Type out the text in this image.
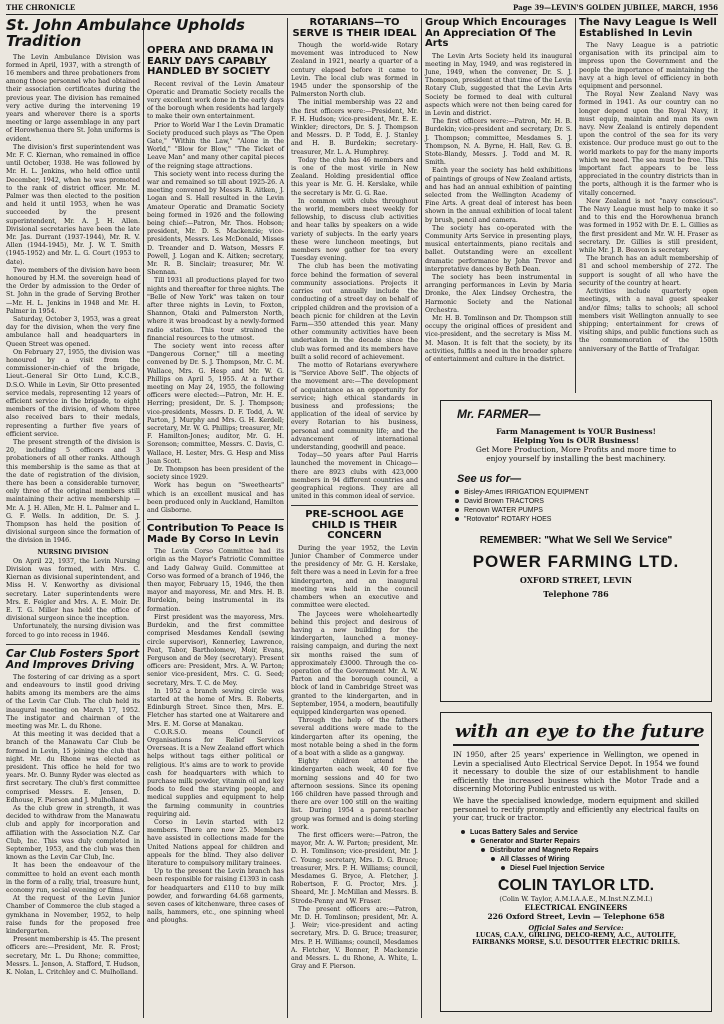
THE CHRONICLE	Page 39—LEVIN'S GOLDEN JUBILEE, MARCH, 1956
St. John Ambulance Upholds Tradition

The Levin Ambulance Division was formed in April, 1937, with a strength of 16 members and three probationers from among those personnel who had obtained their association certificates during the previous year. The division has remained very active during the intervening 19 years and wherever there is a sports meeting or large assemblage in any part of Horowhenua there St. John uniforms is evident.

The division's first superintendent was Mr. F. C. Kiernan, who remained in office until October, 1938. He was followed by Mr. H. L. Jenkins, who held office until December, 1942, when he was promoted to the rank of district officer. Mr. M. Palmer was then elected to the position and held it until 1953, when he was succeeded by the present superintendent, Mr. A. J. H. Allen. Divisional secretaries have been the late Mr. Jas. Durrant (1937-1944), Mr. R. V. Allen (1944-1945), Mr. J. W. T. Smith (1945-1952) and Mr. L. G. Court (1953 to date).

Two members of the division have been honoured by H.M. the sovereign head of the Order by admission to the Order of St. John in the grade of Serving Brother—Mr. H. L. Jenkins in 1948 and Mr. H. Palmer in 1954.

Saturday, October 3, 1953, was a great day for the division, when the very fine ambulance hall and headquarters in Queen Street was opened.

On February 27, 1955, the division was honoured by a visit from the commissioner-in-chief of the brigade, Lieut.-General Sir Otto Lund, K.C.B., D.S.O. While in Levin, Sir Otto presented service medals, representing 12 years of efficient service in the brigade, to eight members of the division, of whom three also received bars to their medals, representing a further five years of efficient service.

The present strength of the division is 20, including 5 officers and 3 probationers of all other ranks. Although this membership is the same as that at the date of registration of the division, there has been a considerable turnover, only three of the original members still maintaining their active membership — Mr. A. J. H. Allen, Mr. H. L. Palmer and L. G. F. Wells. In addition, Dr. S. J. Thompson has held the position of divisional surgeon since the formation of the division in 1946.

NURSING DIVISION

On April 22, 1937, the Levin Nursing Division was formed, with Mrs. C. Kiernan as divisional superintendent, and Miss H. V. Kenworthy as divisional secretary. Later superintendents were Mrs. E. Feigler and Mrs. A. E. Moir. Dr. E. T. G. Miller has held the office of divisional surgeon since the inception.

Unfortunately, the nursing division was forced to go into recess in 1946.

Car Club Fosters Sport And Improves Driving

The fostering of car driving as a sport and endeavours to instil good driving habits among its members are the aims of the Levin Car Club. The club held its inaugural meeting on March 17, 1952. The instigator and chairman of the meeting was Mr. L. du Rhone.

At this meeting it was decided that a branch of the Manawatu Car Club be formed in Levin, 15 joining the club that night. Mr. du Rhone was elected as president. This office he held for two years. Mr. O. Bunny Ryder was elected as first secretary. The club's first committee comprised Messrs. E. Jensen, D. Edhouse, F. Pierson and J. Mulholland.

As the club grew in strength, it was decided to withdraw from the Manawatu club and apply for incorporation and affiliation with the Association N.Z. Car Club, Inc. This was duly completed in September, 1953, and the club was then known as the Levin Car Club, Inc.

It has been the endeavour of the committee to hold an event each month in the form of a rally, trial, treasure hunt, economy run, social evening or films.

At the request of the Levin Junior Chamber of Commerce the club staged a gymkhana in November, 1952, to help raise funds for the proposed free kindergarten.

Present membership is 45. The present officers are:—President, Mr. R. Frost; secretary, Mr. L. Du Rhone; committee, Messrs. L. Jenson, A. Stafford, T. Hudson, K. Nolan, L. Critchley and C. Mulholland.

OPERA AND DRAMA IN EARLY DAYS CAPABLY HANDLED BY SOCIETY

Recent revival of the Levin Amateur Operatic and Dramatic Society recalls the very excellent work done in the early days of the borough when residents had largely to make their own entertainment.

Prior to World War I the Levin Dramatic Society produced such plays as "The Open Gate," "Within the Law," "Alone in the World," "Blow for Blow," "The Ticket of Leave Man" and many other capital pieces of the reigning stage attractions.

This society went into recess during the war and remained so till about 1925-26. A meeting convened by Messrs R. Aitken, J. Logan and S. Hall resulted in the Levin Amateur Operatic and Dramatic Society being formed in 1926 and the following being chief:—Patron, Mr. Thos. Hobson; president, Mr. D. S. Mackenzie; vice-presidents, Messrs. Les McDonald, Misses D. Treander and D. Watson, Messrs F. Powell, J. Logan and K. Aitken; secretary, Mr. R. B. Sinclair; treasurer, Mr. W. Shennan.

Till 1931 all productions played for two nights and thereafter for three nights. The "Belle of New York" was taken on tour after three nights in Levin, to Foxton, Shannon, Otaki and Palmerston North, where it was broadcast by a newly-formed radio station. This tour strained the financial resources to the utmost.

The society went into recess after "Dangerous Corner," till a meeting convened by Dr. S. J. Thompson, Mr. C. M. Wallace, Mrs. G. Hesp and Mr. W. G. Phillips on April 5, 1955. At a further meeting on May 24, 1955, the following officers were elected:—Patron, Mr. H. E. Herring; president, Dr. S. J. Thompson; vice-presidents, Messrs. D. F. Todd, A. W. Parton, J. Murphy and Mrs. G. H. Kerdell; secretary, Mr. W. G. Phillips; treasurer, Mr. F. Hamilton-Jones; auditor, Mr. G. H. Sorenson; committee, Messrs. C. Davis, C. Wallace, H. Lester, Mrs. G. Hesp and Miss Jean Scott.

Dr. Thompson has been president of the society since 1929.

Work has begun on "Sweethearts" which is an excellent musical and has been produced only in Auckland, Hamilton and Gisborne.

Contribution To Peace Is Made By Corso In Levin

The Levin Corso Committee had its origin as the Mayor's Patriotic Committee and Lady Galway Guild. Committee at Corso was formed of a branch of 1946, the then mayor, February 15, 1946, the then mayor and mayoress, Mr. and Mrs. H. B. Burdekin, being instrumental in its formation.

First president was the mayoress, Mrs. Burdekin, and the first committee comprised Mesdames Kendall (sewing circle supervisor), Kennerley, Lawrence, Peat, Tabor, Bartholomew, Moir, Evans, Ferguson and de Mey (secretary). Present officers are: President, Mrs. A. W. Parton; senior vice-president, Mrs. C. G. Seed; secretary, Mrs. T. C. de Mey.

In 1952 a branch sewing circle was started at the home of Mrs. B. Roberts, Edinburgh Street. Since then, Mrs. E. Fletcher has started one at Waitarere and Mrs. E. M. Gorse at Manakau.

C.O.R.S.O. means Council of Organisations for Relief Services Overseas. It is a New Zealand effort which helps without tags either political or religious. It's aims are to work to provide cash for headquarters with which to purchase milk powder, vitamin oil and key foods to feed the starving people, and medical supplies and equipment to help the farming community in countries requiring aid.

Corso in Levin started with 12 members. There are now 25. Members have assisted in collections made for the United Nations appeal for children and appeals for the blind. They also deliver literature to compulsory military trainees.

Up to the present the Levin branch has been responsible for raising £1393 in cash for headquarters and £110 to buy milk powder, and forwarding 64.68 garments, seven cases of kitchenware, three cases of nails, hammers, etc., one spinning wheel and ploughs.

ROTARIANS—TO SERVE IS THEIR IDEAL

Though the world-wide Rotary movement was introduced to New Zealand in 1921, nearly a quarter of a century elapsed before it came to Levin. The local club was formed in 1945 under the sponsorship of the Palmerston North club.

The initial membership was 22 and the first officers were:—President, Mr. F. H. Hudson; vice-president, Mr. E. E. Winkler; directors, Dr. S. J. Thompson and Messrs. D. P. Todd, E. J. Stanley and H. B. Burdekin; secretary-treasurer, Mr. L. A. Humphrey.

Today the club has 46 members and is one of the most virile in New Zealand. Holding presidential office this year is Mr. G. H. Kerslake, while the secretary is Mr. G. G. Rae.

In common with clubs throughout the world, members meet weekly for fellowship, to discuss club activities and hear talks by speakers on a wide variety of subjects. In the early years these were luncheon meetings, but members now gather for tea every Tuesday evening.

The club has been the motivating force behind the formation of several community associations. Projects it carries out annually include the conducting of a street day on behalf of crippled children and the provision of a beach picnic for children at the Levin Farm—350 attended this year. Many other community activities have been undertaken in the decade since the club was formed and its members have built a solid record of achievement.

The motto of Rotarians everywhere is "Service Above Self". The objects of the movement are:—The development of acquaintance as an opportunity for service; high ethical standards in business and professions; the application of the ideal of service by every Rotarian to his business, personal and community life; and the advancement of international understanding, goodwill and peace.

Today—50 years after Paul Harris launched the movement in Chicago—there are 8923 clubs with 423,000 members in 94 different countries and geographical regions. They are all united in this common ideal of service.

PRE-SCHOOL AGE CHILD IS THEIR CONCERN

During the year 1952, the Levin Junior Chamber of Commerce under the presidency of Mr. G. H. Kerslake, felt there was a need in Levin for a free kindergarten, and an inaugural meeting was held in the council chambers when an executive and committee were elected.

The Jaycees were wholeheartedly behind this project and desirous of having a new building for the kindergarten, launched a money-raising campaign, and during the next six months raised the sum of approximately £3000. Through the co-operation of the Government Mr. A. W. Parton and the borough council, a block of land in Cambridge Street was granted to the kindergarten, and in September, 1954, a modern, beautifully equipped kindergarten was opened.

Through the help of the fathers several additions were made to the kindergarten after its opening, the most notable being a shed in the form of a boat with a slide as a gangway.

Eighty children attend the kindergarten each week, 40 for five morning sessions and 40 for two afternoon sessions. Since its opening 166 children have passed through and there are over 100 still on the waiting list. During 1954 a parent-teacher group was formed and is doing sterling work.

The first officers were:—Patron, the mayor, Mr. A. W. Parton; president, Mr. D. H. Tomlinson; vice-president, Mr. J. C. Young; secretary, Mrs. D. G. Bruce; treasurer, Mrs. P. H. Williams; council, Mesdames G. Bryce, A. Fletcher, J. Robertson, F. G. Proctor, Mrs. J. Sheard, Mr. J. McMillan and Messrs. B. Strode-Penny and W. Fraser.

The present officers are:—Patron, Mr. D. H. Tomlinson; president, Mr. A. J. Weir; vice-president and acting secretary, Mrs. D. G. Bruce; treasurer, Mrs. P. H. Williams; council, Mesdames A. Fletcher, V. Bonner, P. Mackenzie and Messrs. L. du Rhone, A. White, L. Gray and F. Pierson.

Group Which Encourages An Appreciation Of The Arts

The Levin Arts Society held its inaugural meeting in May, 1949, and was registered in June, 1949, when the convener, Dr. S. J. Thompson, president at that time of the Levin Rotary Club, suggested that the Levin Arts Society be formed to deal with cultural aspects which were not then being cared for in Levin and district.

The first officers were:—Patron, Mr. H. B. Burdekin; vice-president and secretary, Dr. S. J. Thompson; committee, Mesdames S. J. Thompson, N. A. Byrne, H. Hall, Rev. G. B. Stote-Blandy, Messrs. J. Todd and M. R. Smith.

Each year the society has held exhibitions of paintings of groups of New Zealand artists, and has had an annual exhibition of painting selected from the Wellington Academy of Fine Arts. A great deal of interest has been shown in the annual exhibition of local talent by brush, pencil and camera.

The society has co-operated with the Community Arts Service in presenting plays, musical entertainments, piano recitals and ballet. Outstanding were an excellent dramatic performance by John Trevor and interpretative dances by Beth Dean.

The society has been instrumental in arranging performances in Levin by Maria Dronke, the Alex Lindsey Orchestra, the Harmonic Society and the National Orchestra.

Mr. H. B. Tomlinson and Dr. Thompson still occupy the original offices of president and vice-president, and the secretary is Miss M. M. Mason. It is felt that the society, by its activities, fulfils a need in the broader sphere of entertainment and culture in the district.

The Navy League Is Well Established In Levin

The Navy League is a patriotic organisation with its principal aim to impress upon the Government and the people the importance of maintaining the navy at a high level of efficiency in both equipment and personnel.

The Royal New Zealand Navy was formed in 1941. As our country can no longer depend upon the Royal Navy, it must equip, maintain and man its own navy. New Zealand is entirely dependent upon the control of the sea for its very existence. Our produce must go out to the world markets to pay for the many imports which we need. The sea must be free. This important fact appears to be less appreciated in the country districts than in the ports, although it is the farmer who is vitally concerned.

New Zealand is not "navy conscious". The Navy League must help to make it so and to this end the Horowhenua branch was formed in 1952 with Dr. E. L. Gillies as the first president and Mr. W. H. Fraser as secretary. Dr. Gillies is still president, while Mr. J. B. Beavon is secretary.

The branch has an adult membership of 81 and school membership of 272. The support is sought of all who have the security of the country at heart.

Activities include quarterly open meetings, with a naval guest speaker and/or films; talks to schools; all school members visit Wellington annually to see shipping; entertainment for crews of visiting ships, and public functions such as the commemoration of the 150th anniversary of the Battle of Trafalgar.

Mr. FARMER—
Farm Management is YOUR Business!
Helping You is OUR Business!
Get More Production, More Profits and more time to enjoy yourself by installing the best machinery.
See us for—
Bisley-Ames IRRIGATION EQUIPMENT
David Brown TRACTORS
Renown WATER PUMPS
"Rotovator" ROTARY HOES
REMEMBER: "What We Sell We Service"
POWER FARMING LTD.
OXFORD STREET, LEVIN
Telephone 786
with an eye to the future

IN 1950, after 25 years' experience in Wellington, we opened in Levin a specialised Auto Electrical Service Depot. In 1954 we found it necessary to double the size of our establishment to handle efficiently the increased business which the Motor Trade and a discerning Motoring Public entrusted us with.

We have the specialised knowledge, modern equipment and skilled personnel to rectify promptly and efficiently any electrical faults on your car, truck or tractor.

Lucas Battery Sales and Service
Generator and Starter Repairs
Distributor and Magneto Repairs
All Classes of Wiring
Diesel Fuel Injection Service
COLIN TAYLOR LTD.
(Colin W. Taylor, A.M.I.A.A.E., M.Inst.N.Z.M.I.)
ELECTRICAL ENGINEERS
226 Oxford Street, Levin — Telephone 658
Official Sales and Service:
LUCAS, C.A.V., GIRLING, DELCO-REMY, A.C., AUTOLITE,
FAIRBANKS MORSE, S.U. DESOUTTER ELECTRIC DRILLS.
